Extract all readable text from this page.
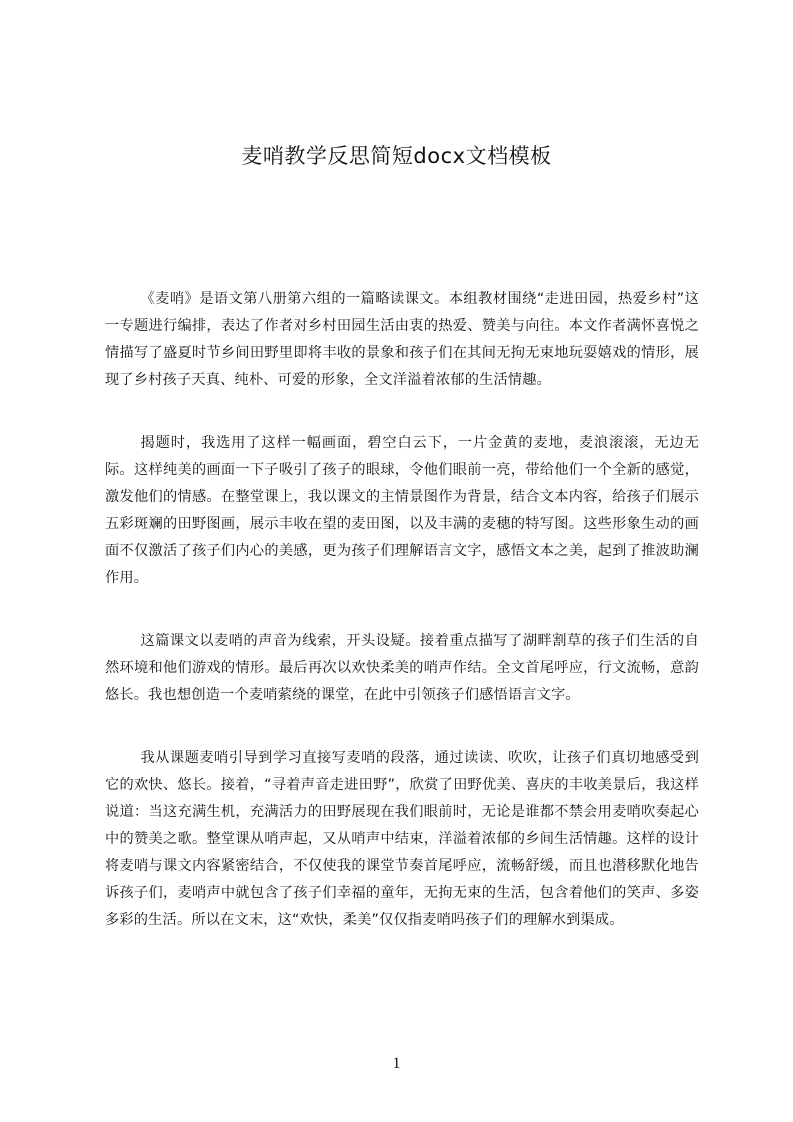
麦哨教学反思简短docx文档模板

《麦哨》是语文第八册第六组的一篇略读课文。本组教材围绕“走进田园，热爱乡村”这一专题进行编排，表达了作者对乡村田园生活由衷的热爱、赞美与向往。本文作者满怀喜悦之情描写了盛夏时节乡间田野里即将丰收的景象和孩子们在其间无拘无束地玩耍嬉戏的情形，展现了乡村孩子天真、纯朴、可爱的形象，全文洋溢着浓郁的生活情趣。

揭题时，我选用了这样一幅画面，碧空白云下，一片金黄的麦地，麦浪滚滚，无边无际。这样纯美的画面一下子吸引了孩子的眼球，令他们眼前一亮，带给他们一个全新的感觉，激发他们的情感。在整堂课上，我以课文的主情景图作为背景，结合文本内容，给孩子们展示五彩斑斓的田野图画，展示丰收在望的麦田图，以及丰满的麦穗的特写图。这些形象生动的画面不仅激活了孩子们内心的美感，更为孩子们理解语言文字，感悟文本之美，起到了推波助澜作用。

这篇课文以麦哨的声音为线索，开头设疑。接着重点描写了湖畔割草的孩子们生活的自然环境和他们游戏的情形。最后再次以欢快柔美的哨声作结。全文首尾呼应，行文流畅，意韵悠长。我也想创造一个麦哨萦绕的课堂，在此中引领孩子们感悟语言文字。

我从课题麦哨引导到学习直接写麦哨的段落，通过读读、吹吹，让孩子们真切地感受到它的欢快、悠长。接着，“寻着声音走进田野”，欣赏了田野优美、喜庆的丰收美景后，我这样说道：当这充满生机，充满活力的田野展现在我们眼前时，无论是谁都不禁会用麦哨吹奏起心中的赞美之歌。整堂课从哨声起，又从哨声中结束，洋溢着浓郁的乡间生活情趣。这样的设计将麦哨与课文内容紧密结合，不仅使我的课堂节奏首尾呼应，流畅舒缓，而且也潜移默化地告诉孩子们，麦哨声中就包含了孩子们幸福的童年，无拘无束的生活，包含着他们的笑声、多姿多彩的生活。所以在文末，这“欢快，柔美”仅仅指麦哨吗孩子们的理解水到渠成。

1
